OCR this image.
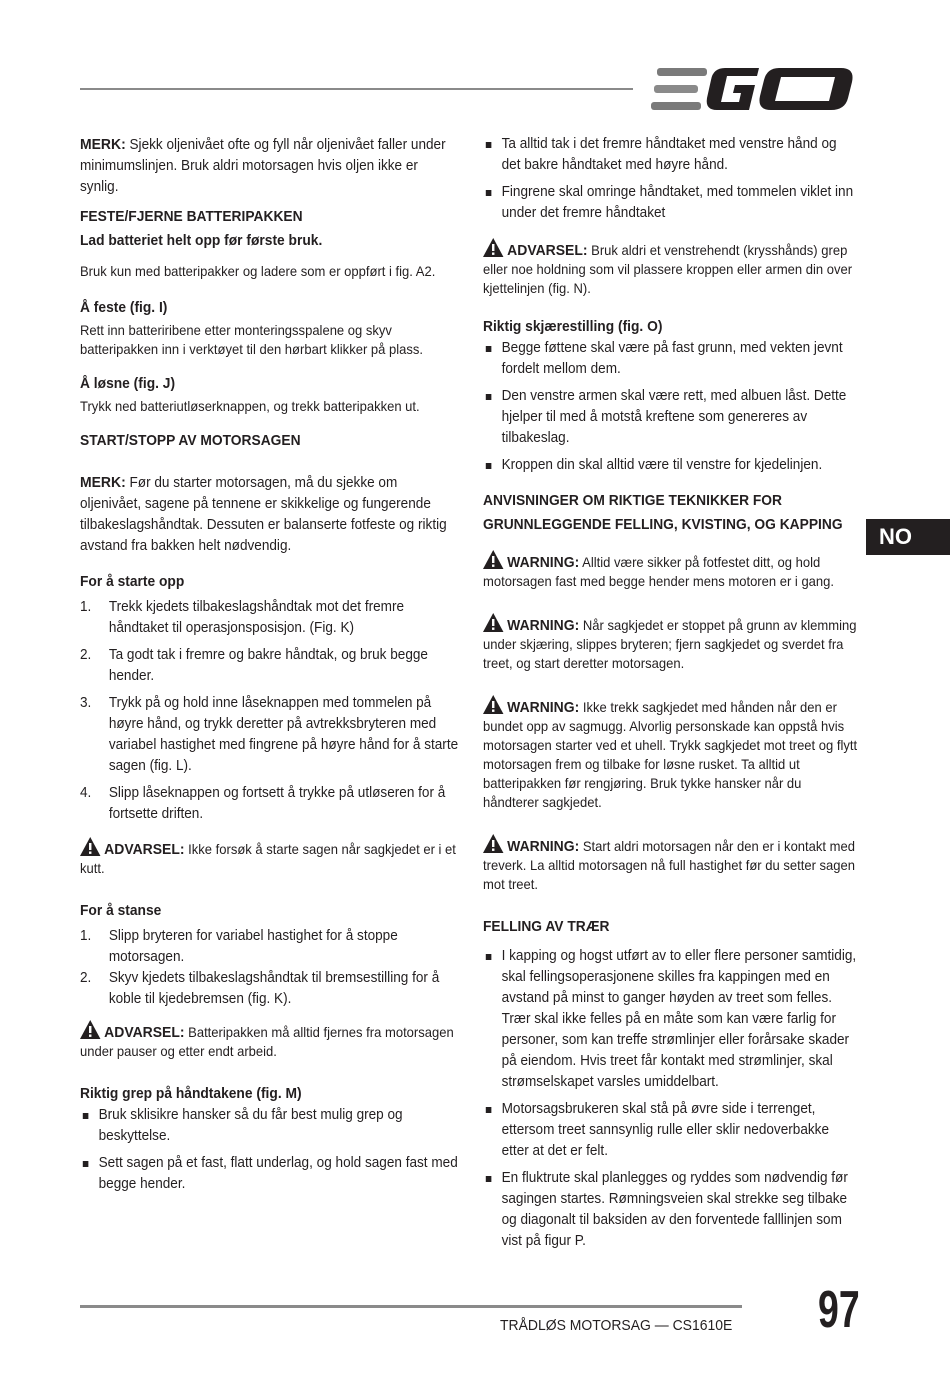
NO

MERK: Sjekk oljenivået ofte og fyll når oljenivået faller under minimumslinjen. Bruk aldri motorsagen hvis oljen ikke er synlig.

FESTE/FJERNE BATTERIPAKKEN

Lad batteriet helt opp før første bruk.

Bruk kun med batteripakker og ladere som er oppført i fig. A2.

Å feste (fig. I)

Rett inn batteriribene etter monteringsspalene og skyv batteripakken inn i verktøyet til den hørbart klikker på plass.

Å løsne (fig. J)

Trykk ned batteriutløserknappen, og trekk batteripakken ut.

START/STOPP AV MOTORSAGEN

MERK: Før du starter motorsagen, må du sjekke om oljenivået, sagene på tennene er skikkelige og fungerende tilbakeslagshåndtak. Dessuten er balanserte fotfeste og riktig avstand fra bakken helt nødvendig.

For å starte opp

1.	Trekk kjedets tilbakeslagshåndtak mot det fremre håndtaket til operasjonsposisjon. (Fig. K)
2.	Ta godt tak i fremre og bakre håndtak, og bruk begge hender.
3.	Trykk på og hold inne låseknappen med tommelen på høyre hånd, og trykk deretter på avtrekksbryteren med variabel hastighet med fingrene på høyre hånd for å starte sagen (fig. L).
4.	Slipp låseknappen og fortsett å trykke på utløseren for å fortsette driften.

ADVARSEL: Ikke forsøk å starte sagen når sagkjedet er i et kutt.

For å stanse

1.	Slipp bryteren for variabel hastighet for å stoppe motorsagen.
2.	Skyv kjedets tilbakeslagshåndtak til bremsestilling for å koble til kjedebremsen (fig. K).

ADVARSEL: Batteripakken må alltid fjernes fra motorsagen under pauser og etter endt arbeid.

Riktig grep på håndtakene (fig. M)

Bruk sklisikre hansker så du får best mulig grep og beskyttelse.
Sett sagen på et fast, flatt underlag, og hold sagen fast med begge hender.
Ta alltid tak i det fremre håndtaket med venstre hånd og det bakre håndtaket med høyre hånd.
Fingrene skal omringe håndtaket, med tommelen viklet inn under det fremre håndtaket

ADVARSEL: Bruk aldri et venstrehendt (krysshånds) grep eller noe holdning som vil plassere kroppen eller armen din over kjettelinjen (fig. N).

Riktig skjærestilling (fig. O)

Begge føttene skal være på fast grunn, med vekten jevnt fordelt mellom dem.
Den venstre armen skal være rett, med albuen låst. Dette hjelper til med å motstå kreftene som genereres av tilbakeslag.
Kroppen din skal alltid være til venstre for kjedelinjen.

ANVISNINGER OM RIKTIGE TEKNIKKER FOR

GRUNNLEGGENDE FELLING, KVISTING, OG KAPPING

WARNING: Alltid være sikker på fotfestet ditt, og hold motorsagen fast med begge hender mens motoren er i gang.

WARNING: Når sagkjedet er stoppet på grunn av klemming under skjæring, slippes bryteren; fjern sagkjedet og sverdet fra treet, og start deretter motorsagen.

WARNING: Ikke trekk sagkjedet med hånden når den er bundet opp av sagmugg. Alvorlig personskade kan oppstå hvis motorsagen starter ved et uhell. Trykk sagkjedet mot treet og flytt motorsagen frem og tilbake for løsne rusket. Ta alltid ut batteripakken før rengjøring. Bruk tykke hansker når du håndterer sagkjedet.

WARNING: Start aldri motorsagen når den er i kontakt med treverk. La alltid motorsagen nå full hastighet før du setter sagen mot treet.

FELLING AV TRÆR

I kapping og hogst utført av to eller flere personer samtidig, skal fellingsoperasjonene skilles fra kappingen med en avstand på minst to ganger høyden av treet som felles. Trær skal ikke felles på en måte som kan være farlig for personer, som kan treffe strømlinjer eller forårsake skader på eiendom. Hvis treet får kontakt med strømlinjer, skal strømselskapet varsles umiddelbart.
Motorsagsbrukeren skal stå på øvre side i terrenget, ettersom treet sannsynlig rulle eller sklir nedoverbakke etter at det er felt.
En fluktrute skal planlegges og ryddes som nødvendig før sagingen startes. Rømningsveien skal strekke seg tilbake og diagonalt til baksiden av den forventede falllinjen som vist på figur P.
TRÅDLØS MOTORSAG — CS1610E 97
